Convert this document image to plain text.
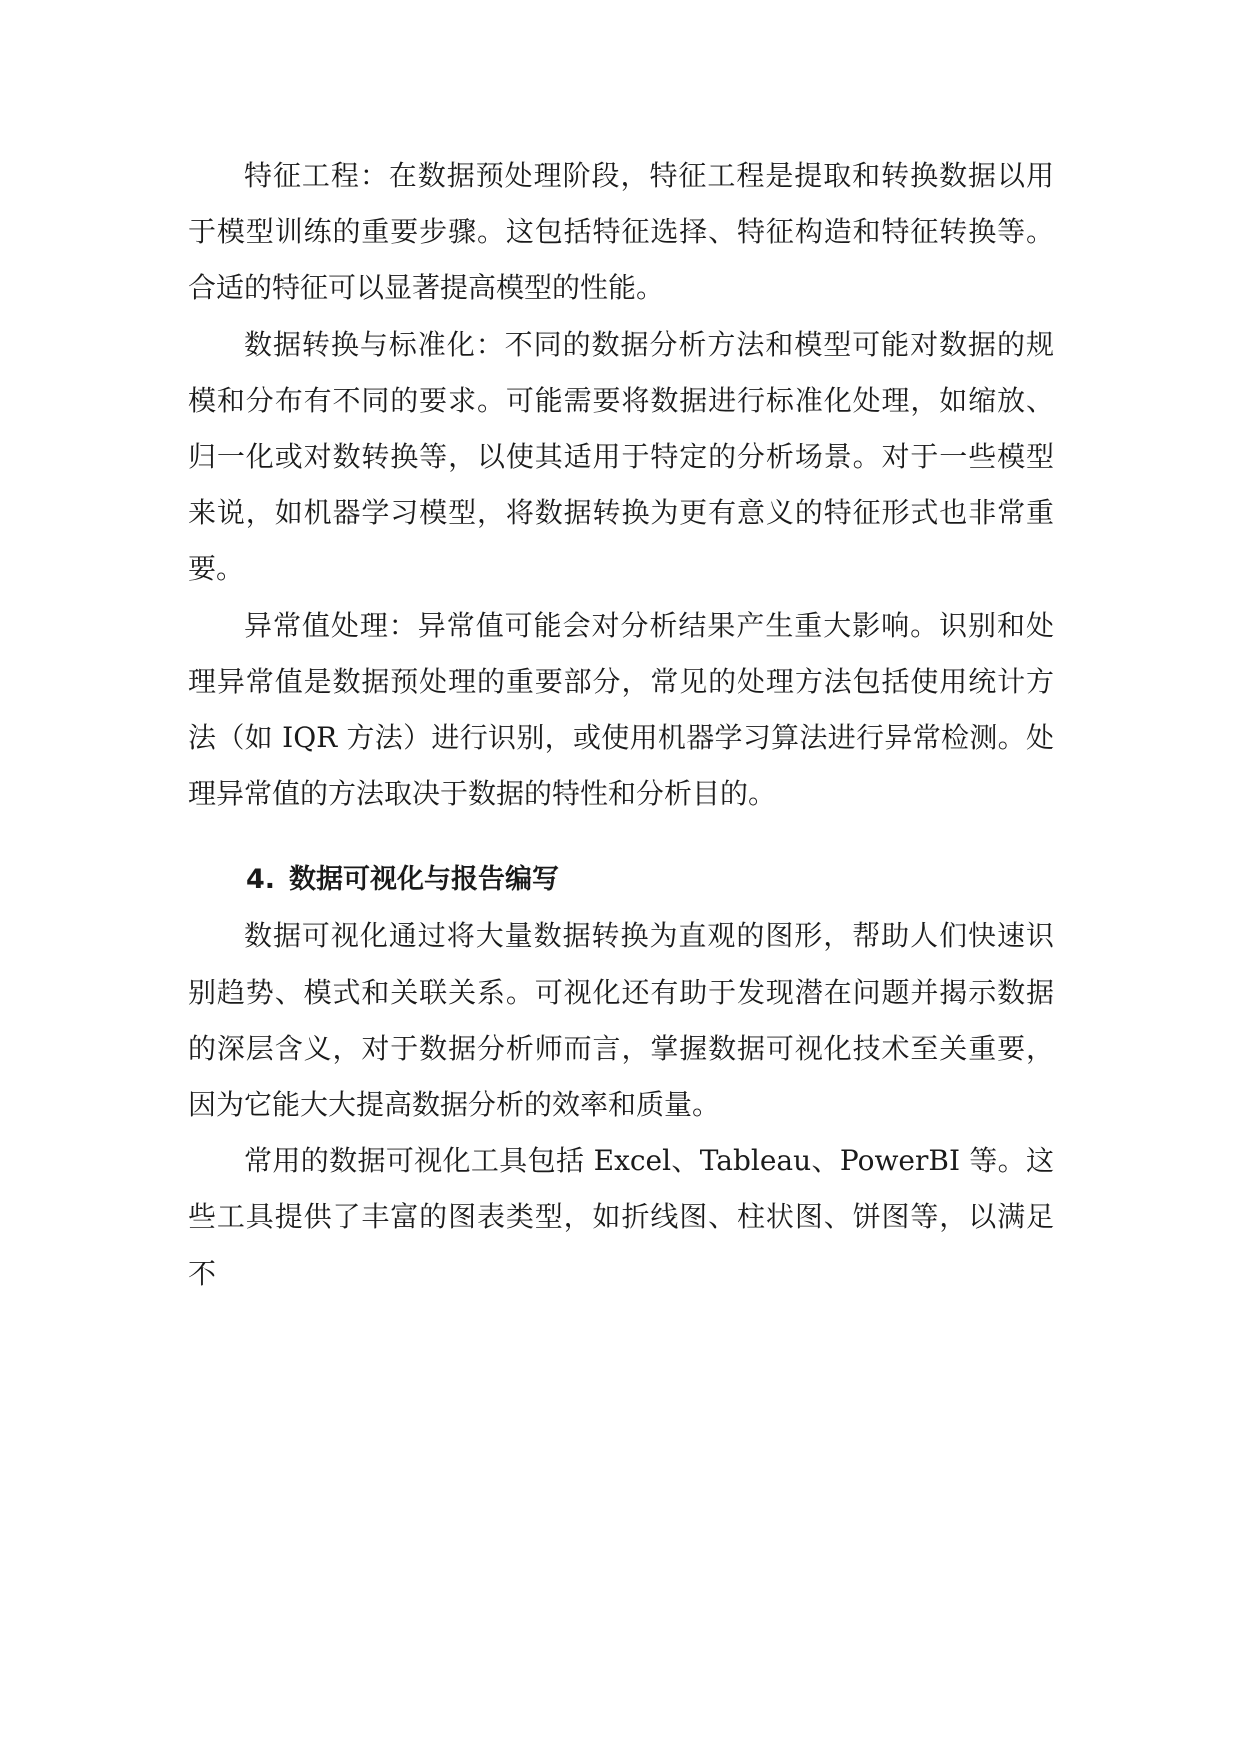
特征工程：在数据预处理阶段，特征工程是提取和转换数据以用于模型训练的重要步骤。这包括特征选择、特征构造和特征转换等。合适的特征可以显著提高模型的性能。

数据转换与标准化：不同的数据分析方法和模型可能对数据的规模和分布有不同的要求。可能需要将数据进行标准化处理，如缩放、归一化或对数转换等，以使其适用于特定的分析场景。对于一些模型来说，如机器学习模型，将数据转换为更有意义的特征形式也非常重要。

异常值处理：异常值可能会对分析结果产生重大影响。识别和处理异常值是数据预处理的重要部分，常见的处理方法包括使用统计方法（如 IQR 方法）进行识别，或使用机器学习算法进行异常检测。处理异常值的方法取决于数据的特性和分析目的。

4. 数据可视化与报告编写

数据可视化通过将大量数据转换为直观的图形，帮助人们快速识别趋势、模式和关联关系。可视化还有助于发现潜在问题并揭示数据的深层含义，对于数据分析师而言，掌握数据可视化技术至关重要，因为它能大大提高数据分析的效率和质量。

常用的数据可视化工具包括 Excel、Tableau、PowerBI 等。这些工具提供了丰富的图表类型，如折线图、柱状图、饼图等，以满足不
